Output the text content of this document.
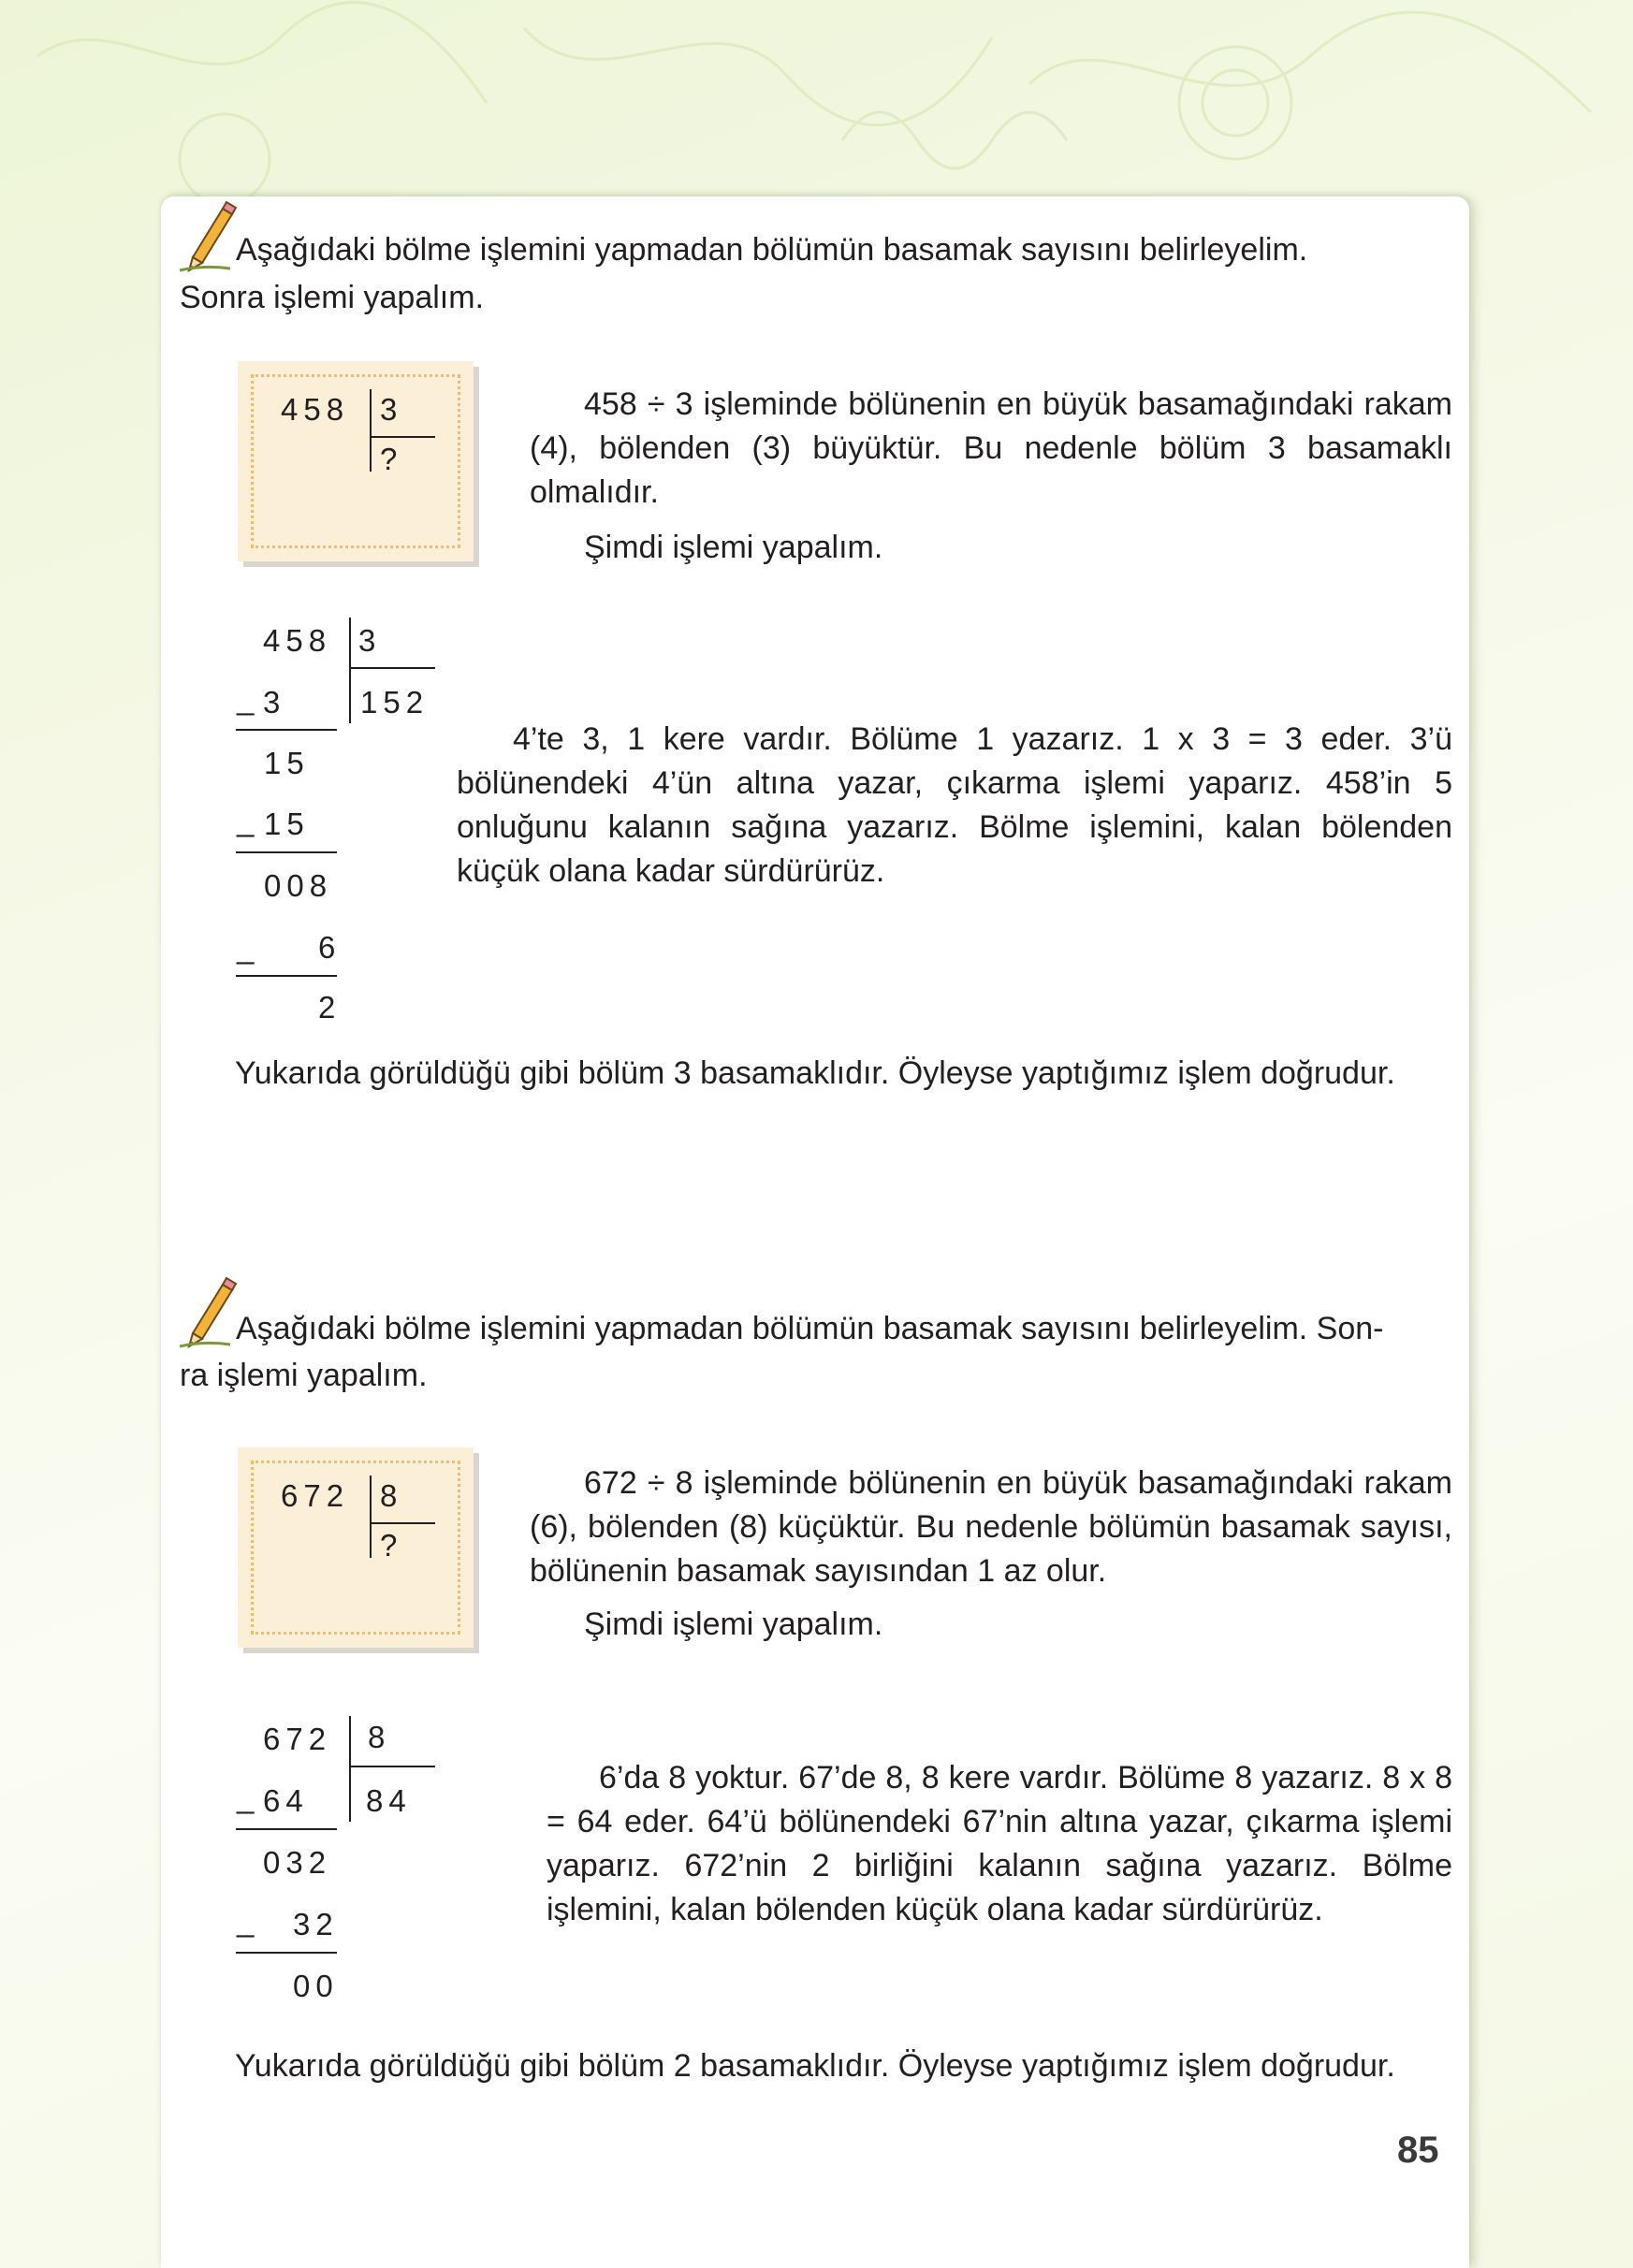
Aşağıdaki bölme işlemini yapmadan bölümün basamak sayısını belirleyelim.
Sonra işlemi yapalım.
458 3
?
458 ÷ 3 işleminde bölünenin en büyük basamağındaki rakam (4), bölenden (3) büyüktür. Bu nedenle bölüm 3 basamaklı olmalıdır.
Şimdi işlemi yapalım.
458 3
152
_ 3
15
_ 15
008
_ 6
2
4’te 3, 1 kere vardır. Bölüme 1 yazarız. 1 x 3 = 3 eder. 3’ü bölünendeki 4’ün altına yazar, çıkarma işlemi yaparız. 458’in 5 onluğunu kalanın sağına yazarız. Bölme işlemini, kalan bölenden küçük olana kadar sürdürürüz.
Yukarıda görüldüğü gibi bölüm 3 basamaklıdır. Öyleyse yaptığımız işlem doğrudur.
Aşağıdaki bölme işlemini yapmadan bölümün basamak sayısını belirleyelim. Son-
ra işlemi yapalım.
672 8
?
672 ÷ 8 işleminde bölünenin en büyük basamağındaki rakam (6), bölenden (8) küçüktür. Bu nedenle bölümün basamak sayısı, bölünenin basamak sayısından 1 az olur.
Şimdi işlemi yapalım.
672 8
84
_ 64
032
_ 32
00
6’da 8 yoktur. 67’de 8, 8 kere vardır. Bölüme 8 yazarız. 8 x 8 = 64 eder. 64’ü bölünendeki 67’nin altına yazar, çıkarma işlemi yaparız. 672’nin 2 birliğini kalanın sağına yazarız. Bölme işlemini, kalan bölenden küçük olana kadar sürdürürüz.
Yukarıda görüldüğü gibi bölüm 2 basamaklıdır. Öyleyse yaptığımız işlem doğrudur.
85
